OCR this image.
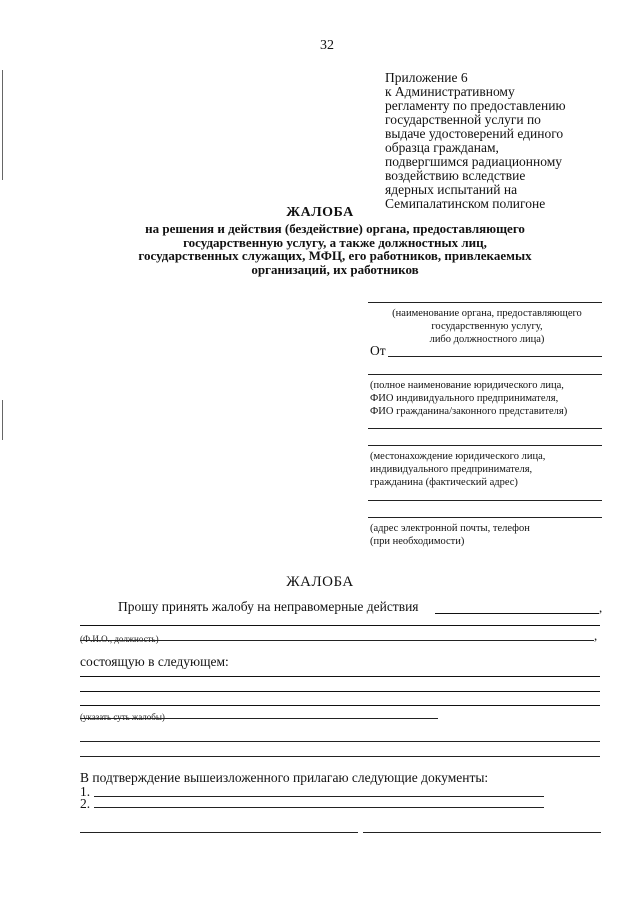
32
Приложение 6
к Административному
регламенту по предоставлению
государственной услуги по
выдаче удостоверений единого
образца гражданам,
подвергшимся радиационному
воздействию вследствие
ядерных испытаний на
Семипалатинском полигоне
ЖАЛОБА
на решения и действия (бездействие) органа, предоставляющего
государственную услугу, а также должностных лиц,
государственных служащих, МФЦ, его работников, привлекаемых
организаций, их работников
(наименование органа, предоставляющего
государственную услугу,
либо должностного лица)
От
(полное наименование юридического лица,
ФИО индивидуального предпринимателя,
ФИО гражданина/законного представителя)
(местонахождение юридического лица,
индивидуального предпринимателя,
гражданина (фактический адрес)
(адрес электронной почты, телефон
(при необходимости)
ЖАЛОБА
Прошу принять жалобу на неправомерные действия	,
(Ф.И.О., должность)	,
состоящую в следующем:
(указать суть жалобы)
В подтверждение вышеизложенного прилагаю следующие документы:
1.
2.
